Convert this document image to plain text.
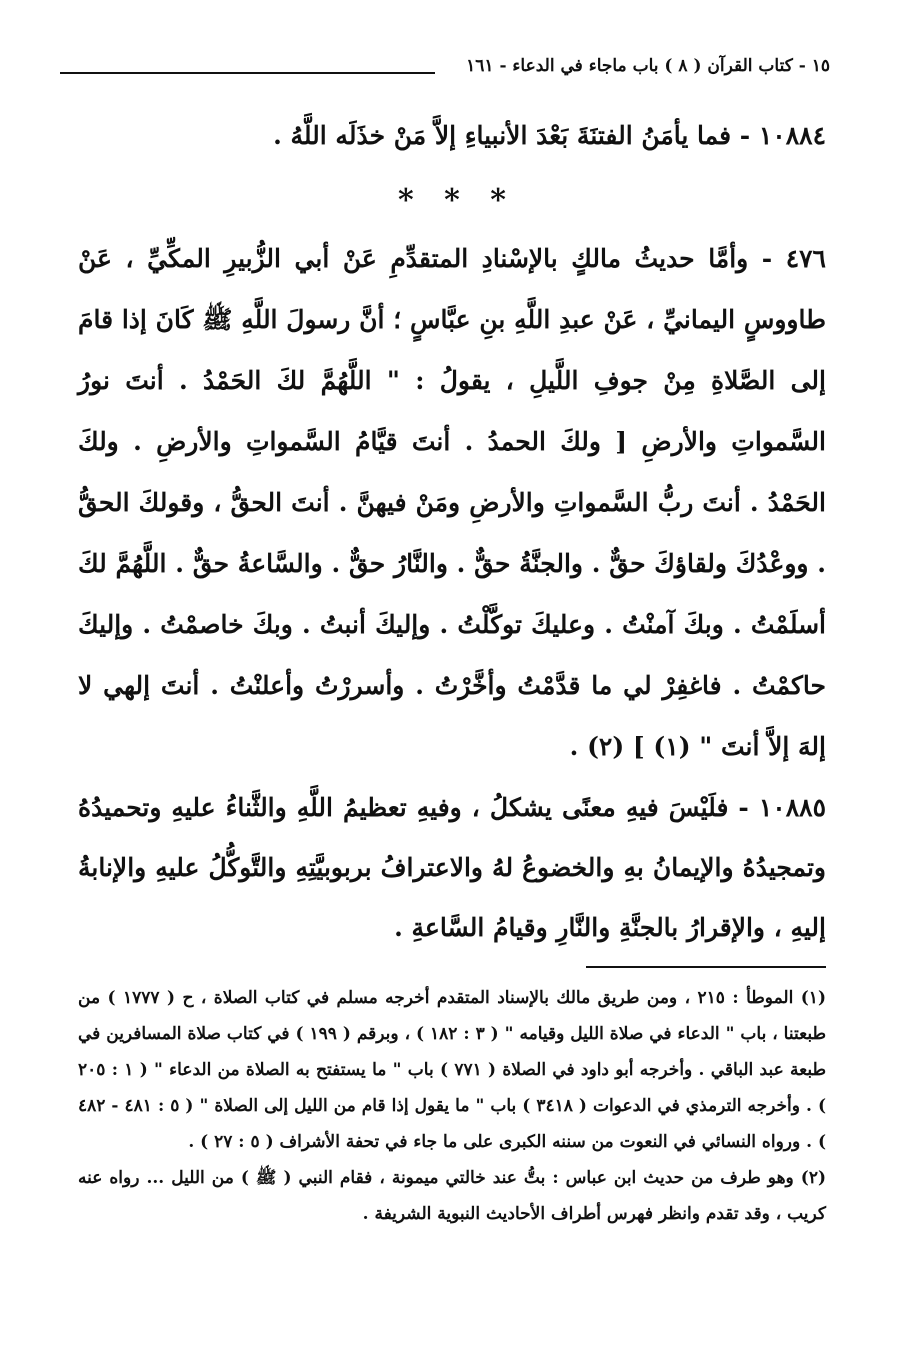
١٥ - كتاب القرآن ( ٨ ) باب ماجاء في الدعاء - ١٦١

١٠٨٨٤ - فما يأمَنُ الفتنَةَ بَعْدَ الأنبياءِ إلاَّ مَنْ خذَلَه اللَّهُ .

* * *

٤٧٦ - وأمَّا حديثُ مالكٍ بالإسْنادِ المتقدِّمِ عَنْ أبي الزُّبيرِ المكِّيِّ ، عَنْ طاووسٍ اليمانيِّ ، عَنْ عبدِ اللَّهِ بنِ عبَّاسٍ ؛ أنَّ رسولَ اللَّهِ ﷺ كَانَ إذا قامَ إلى الصَّلاةِ مِنْ جوفِ اللَّيلِ ، يقولُ : " اللَّهُمَّ لكَ الحَمْدُ . أنتَ نورُ السَّمواتِ والأرضِ [ ولكَ الحمدُ . أنتَ قيَّامُ السَّمواتِ والأرضِ . ولكَ الحَمْدُ . أنتَ ربُّ السَّمواتِ والأرضِ ومَنْ فيهنَّ . أنتَ الحقُّ ، وقولكَ الحقُّ . ووعْدُكَ ولقاؤكَ حقٌّ . والجنَّةُ حقٌّ . والنَّارُ حقٌّ . والسَّاعةُ حقٌّ . اللَّهُمَّ لكَ أسلَمْتُ . وبكَ آمنْتُ . وعليكَ توكَّلْتُ . وإليكَ أنبتُ . وبكَ خاصمْتُ . وإليكَ حاكمْتُ . فاغفِرْ لي ما قدَّمْتُ وأخَّرْتُ . وأسررْتُ وأعلنْتُ . أنتَ إلهي لا إلهَ إلاَّ أنتَ " (١) ] (٢) .

١٠٨٨٥ - فلَيْسَ فيهِ معنًى يشكلُ ، وفيهِ تعظيمُ اللَّهِ والثَّناءُ عليهِ وتحميدُهُ وتمجيدُهُ والإيمانُ بهِ والخضوعُ لهُ والاعترافُ بربوبيَّتِهِ والتَّوكُّلُ عليهِ والإنابةُ إليهِ ، والإقرارُ بالجنَّةِ والنَّارِ وقيامُ السَّاعةِ .

(١) الموطأ : ٢١٥ ، ومن طريق مالك بالإسناد المتقدم أخرجه مسلم في كتاب الصلاة ، ح ( ١٧٧٧ ) من طبعتنا ، باب " الدعاء في صلاة الليل وقيامه " ( ٣ : ١٨٢ ) ، وبرقم ( ١٩٩ ) في كتاب صلاة المسافرين في طبعة عبد الباقي . وأخرجه أبو داود في الصلاة ( ٧٧١ ) باب " ما يستفتح به الصلاة من الدعاء " ( ١ : ٢٠٥ ) . وأخرجه الترمذي في الدعوات ( ٣٤١٨ ) باب " ما يقول إذا قام من الليل إلى الصلاة " ( ٥ : ٤٨١ - ٤٨٢ ) . ورواه النسائي في النعوت من سننه الكبرى على ما جاء في تحفة الأشراف ( ٥ : ٢٧ ) .

(٢) وهو طرف من حديث ابن عباس : بتُّ عند خالتي ميمونة ، فقام النبي ( ﷺ ) من الليل ... رواه عنه كريب ، وقد تقدم وانظر فهرس أطراف الأحاديث النبوية الشريفة .
